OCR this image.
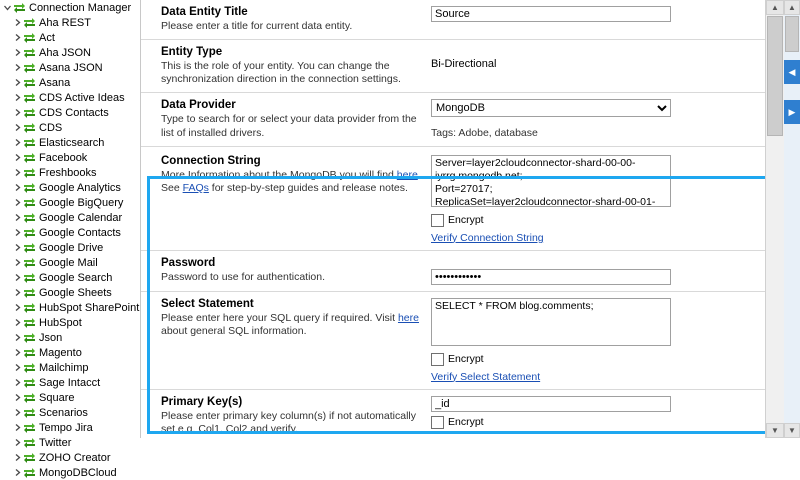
Connection Manager
Aha REST
Act
Aha JSON
Asana JSON
Asana
CDS Active Ideas
CDS Contacts
CDS
Elasticsearch
Facebook
Freshbooks
Google Analytics
Google BigQuery
Google Calendar
Google Contacts
Google Drive
Google Mail
Google Search
Google Sheets
HubSpot SharePoint
HubSpot
Json
Magento
Mailchimp
Sage Intacct
Square
Scenarios
Tempo Jira
Twitter
ZOHO Creator
MongoDBCloud
Data Entity Title
Please enter a title for current data entity.
Source
Entity Type
This is the role of your entity. You can change the synchronization direction in the connection settings.
Bi-Directional
Data Provider
Type to search for or select your data provider from the list of installed drivers.
MongoDB	Tags: Adobe, database
Connection String
More Information about the MongoDB you will find here. See FAQs for step-by-step guides and release notes.
Server=layer2cloudconnector-shard-00-00-iyrrg.mongodb.net; Port=27017; ReplicaSet=layer2cloudconnector-shard-00-01-
Encrypt
Verify Connection String
Password
Password to use for authentication.
••••••••••••
Select Statement
Please enter here your SQL query if required. Visit here about general SQL information.
SELECT * FROM blog.comments;
Encrypt
Verify Select Statement
Primary Key(s)
Please enter primary key column(s) if not automatically set e.g. Col1, Col2 and verify.
_id
Encrypt
▲
▼
▲
◀
▶
▼
